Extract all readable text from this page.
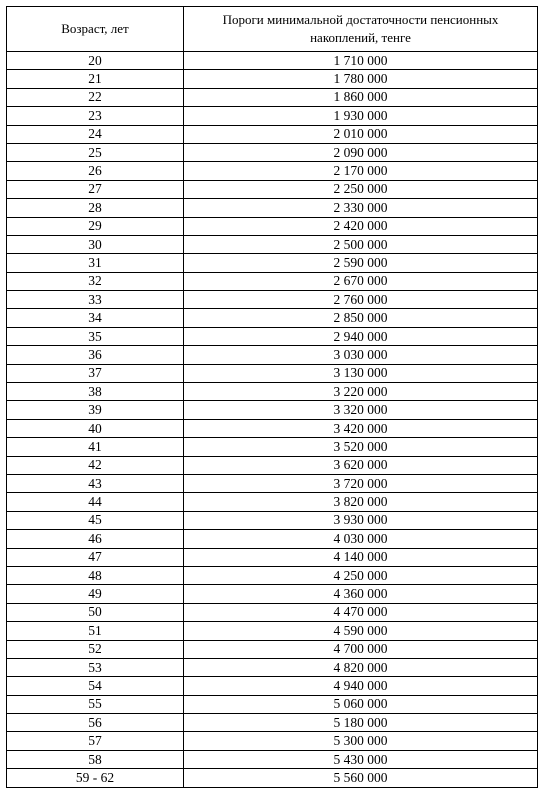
Возраст, лет	Пороги минимальной достаточности пенсионных накоплений, тенге
20	1 710 000
21	1 780 000
22	1 860 000
23	1 930 000
24	2 010 000
25	2 090 000
26	2 170 000
27	2 250 000
28	2 330 000
29	2 420 000
30	2 500 000
31	2 590 000
32	2 670 000
33	2 760 000
34	2 850 000
35	2 940 000
36	3 030 000
37	3 130 000
38	3 220 000
39	3 320 000
40	3 420 000
41	3 520 000
42	3 620 000
43	3 720 000
44	3 820 000
45	3 930 000
46	4 030 000
47	4 140 000
48	4 250 000
49	4 360 000
50	4 470 000
51	4 590 000
52	4 700 000
53	4 820 000
54	4 940 000
55	5 060 000
56	5 180 000
57	5 300 000
58	5 430 000
59 - 62	5 560 000
